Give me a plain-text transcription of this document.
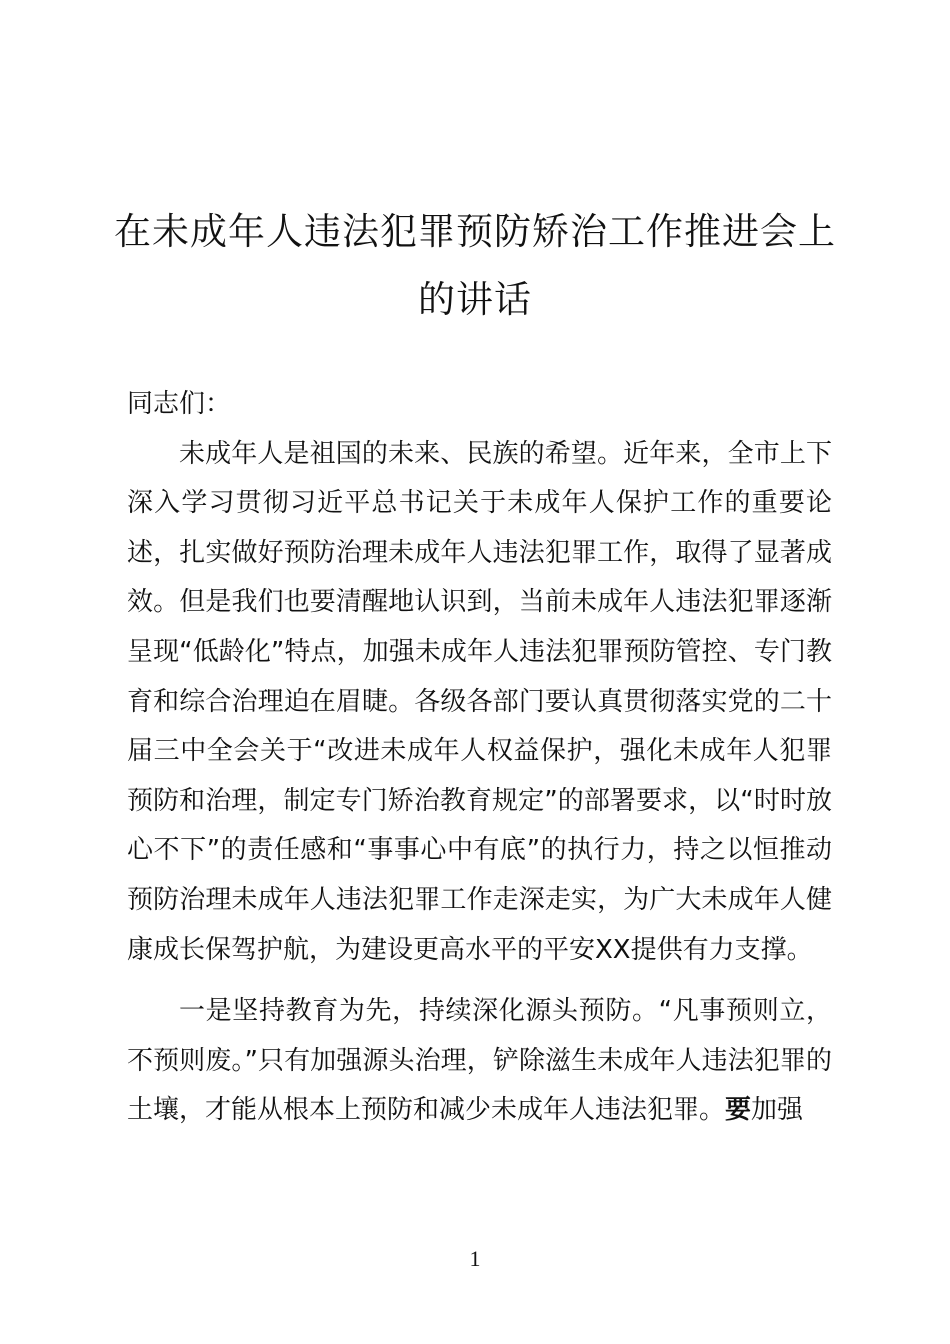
在未成年人违法犯罪预防矫治工作推进会上的讲话

同志们：

未成年人是祖国的未来、民族的希望。近年来，全市上下深入学习贯彻习近平总书记关于未成年人保护工作的重要论述，扎实做好预防治理未成年人违法犯罪工作，取得了显著成效。但是我们也要清醒地认识到，当前未成年人违法犯罪逐渐呈现“低龄化”特点，加强未成年人违法犯罪预防管控、专门教育和综合治理迫在眉睫。各级各部门要认真贯彻落实党的二十届三中全会关于“改进未成年人权益保护，强化未成年人犯罪预防和治理，制定专门矫治教育规定”的部署要求，以“时时放心不下”的责任感和“事事心中有底”的执行力，持之以恒推动预防治理未成年人违法犯罪工作走深走实，为广大未成年人健康成长保驾护航，为建设更高水平的平安XX提供有力支撑。

一是坚持教育为先，持续深化源头预防。“凡事预则立，不预则废。”只有加强源头治理，铲除滋生未成年人违法犯罪的土壤，才能从根本上预防和减少未成年人违法犯罪。要加强

1
